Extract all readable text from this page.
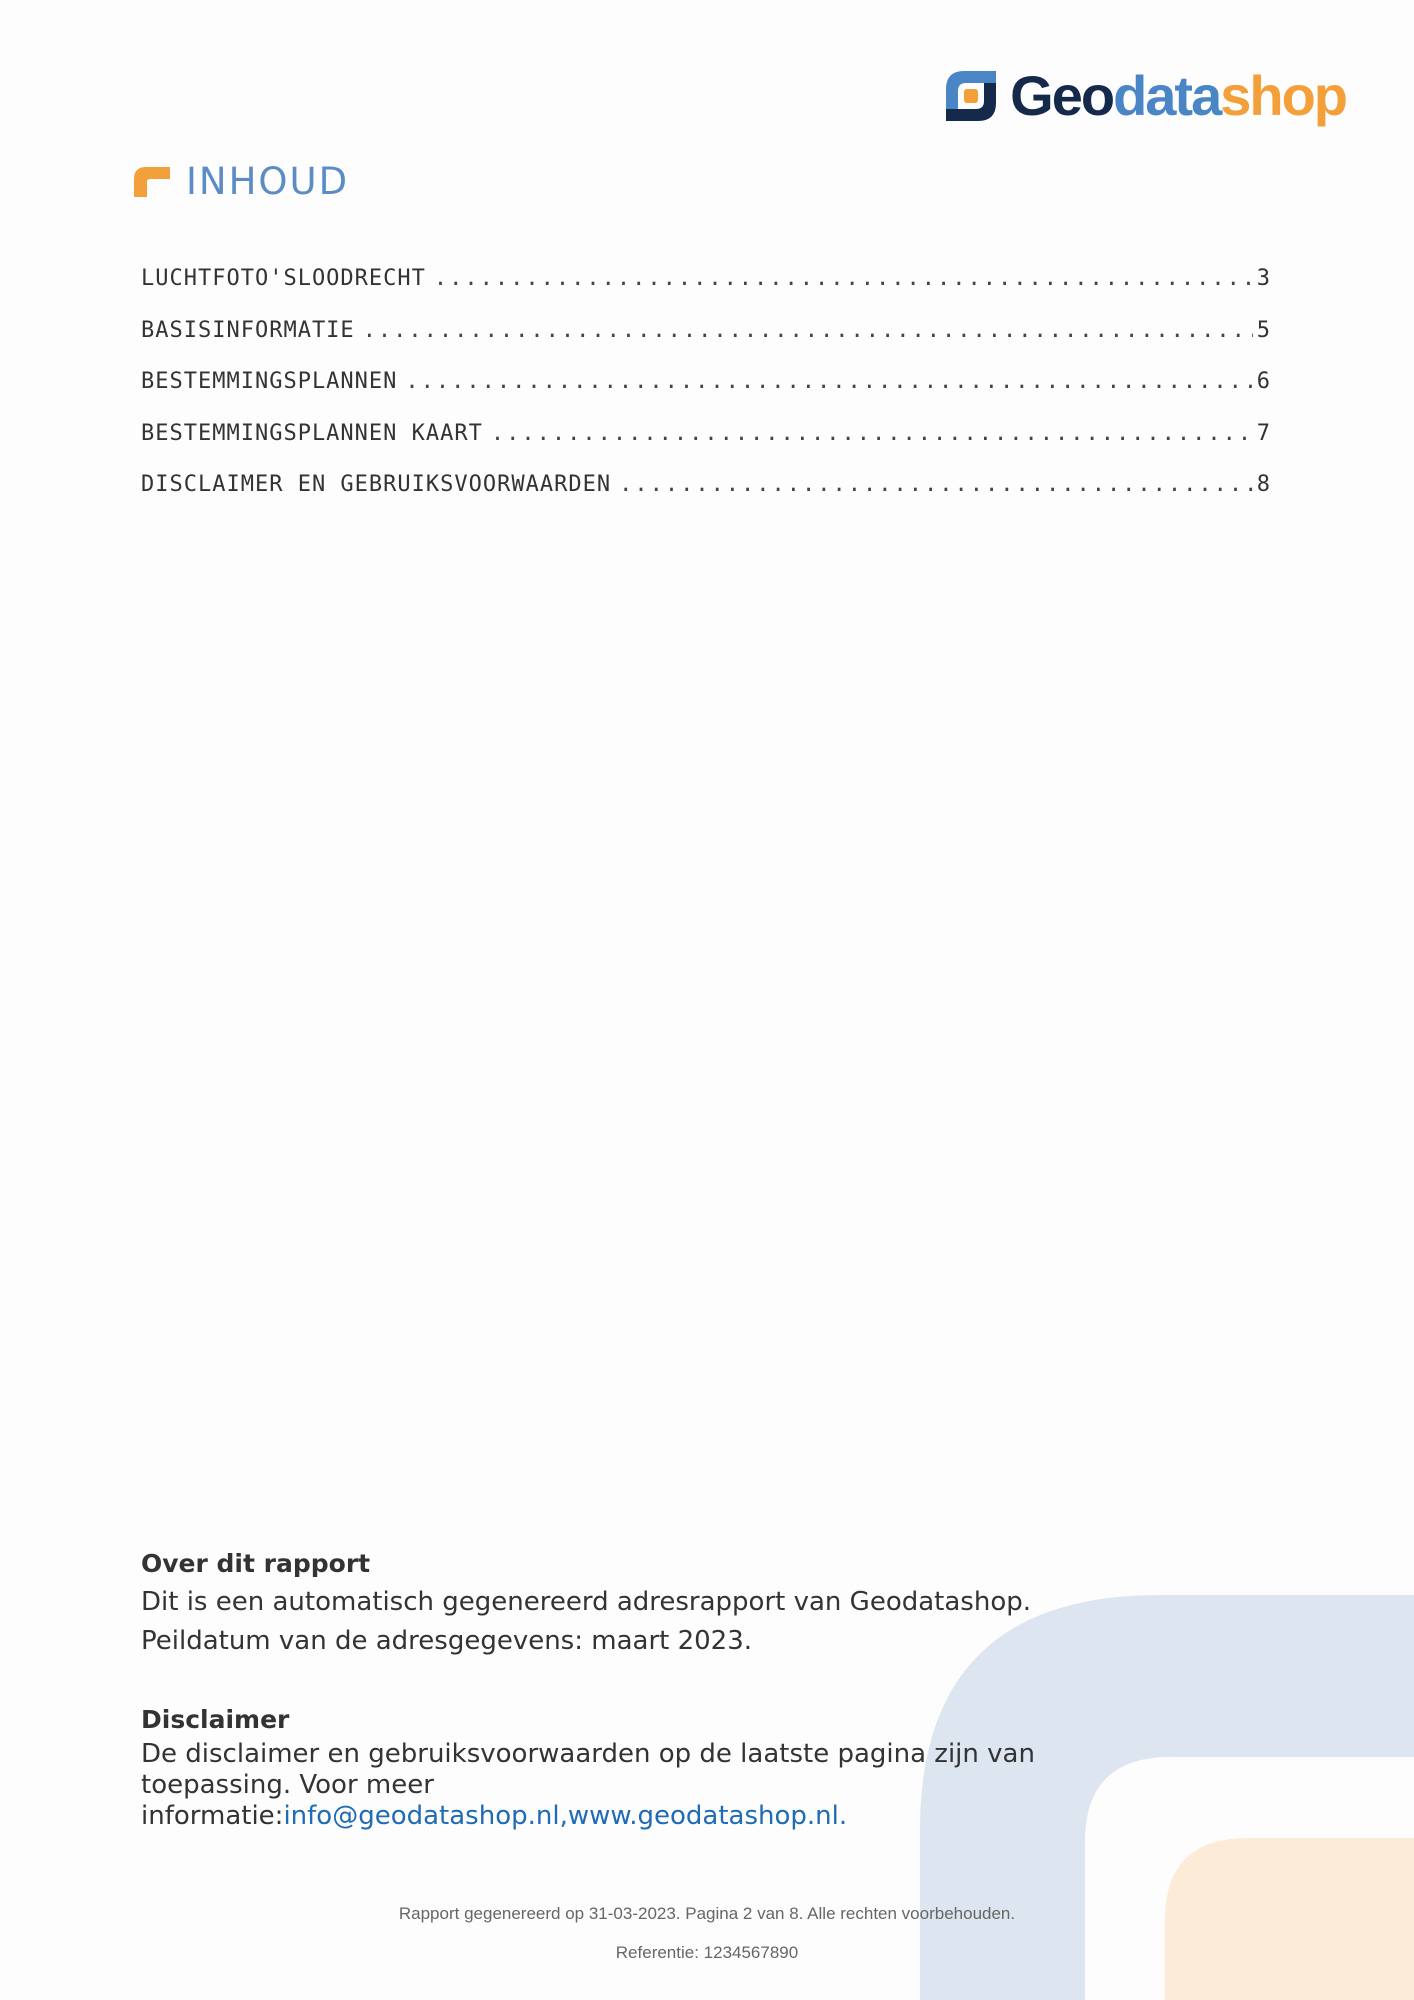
Geodatashop
INHOUD
LUCHTFOTO'SLOODRECHT .....	3
BASISINFORMATIE .....	5
BESTEMMINGSPLANNEN .....	6
BESTEMMINGSPLANNEN KAART .....	7
DISCLAIMER EN GEBRUIKSVOORWAARDEN .....	8
Over dit rapport

Dit is een automatisch gegenereerd adresrapport van Geodatashop.

Peildatum van de adresgegevens: maart 2023.

Disclaimer

De disclaimer en gebruiksvoorwaarden op de laatste pagina zijn van

toepassing. Voor meer informatie:info@geodatashop.nl,www.geodatashop.nl.

Rapport gegenereerd op 31-03-2023. Pagina 2 van 8. Alle rechten voorbehouden.
Referentie: 1234567890
